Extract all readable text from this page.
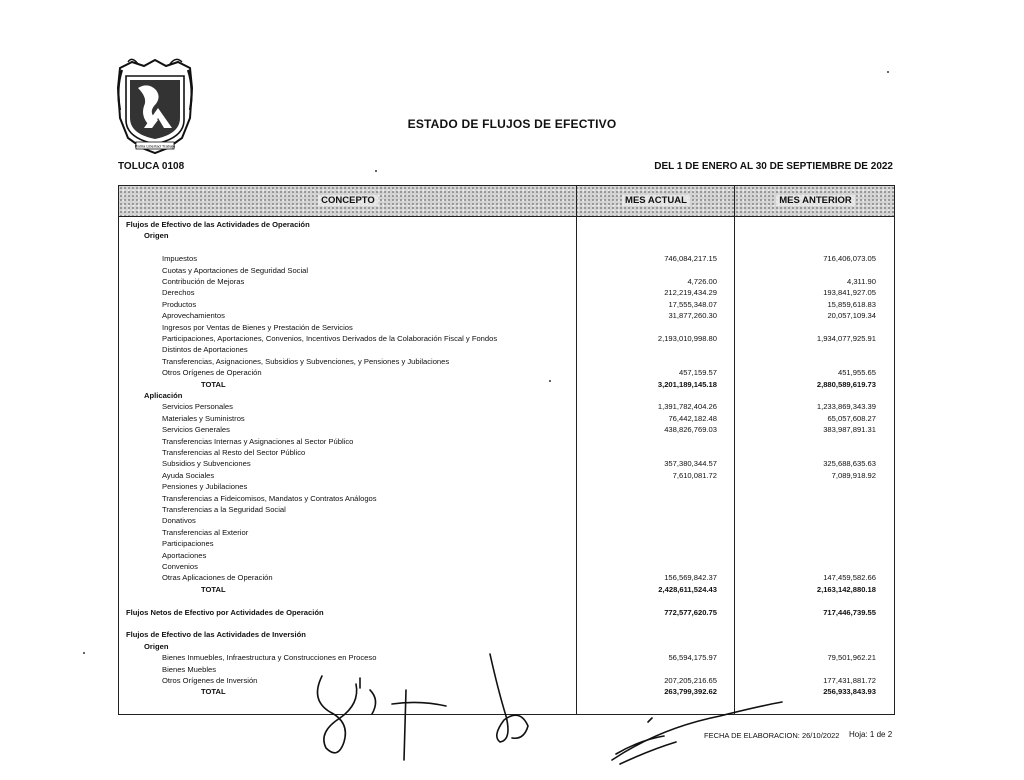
Patria Libertad Trabajo
ESTADO DE FLUJOS DE EFECTIVO
TOLUCA 0108	DEL 1 DE ENERO AL 30 DE SEPTIEMBRE DE 2022
CONCEPTO	MES ACTUAL	MES ANTERIOR
Flujos de Efectivo de las Actividades de Operación
Origen
Impuestos	746,084,217.15	716,406,073.05
Cuotas y Aportaciones de Seguridad Social
Contribución de Mejoras	4,726.00	4,311.90
Derechos	212,219,434.29	193,841,927.05
Productos	17,555,348.07	15,859,618.83
Aprovechamientos	31,877,260.30	20,057,109.34
Ingresos por Ventas de Bienes y Prestación de Servicios
Participaciones, Aportaciones, Convenios, Incentivos Derivados de la Colaboración Fiscal y Fondos	2,193,010,998.80	1,934,077,925.91
Distintos de Aportaciones
Transferencias, Asignaciones, Subsidios y Subvenciones, y Pensiones y Jubilaciones
Otros Orígenes de Operación	457,159.57	451,955.65
TOTAL	3,201,189,145.18	2,880,589,619.73
Aplicación
Servicios Personales	1,391,782,404.26	1,233,869,343.39
Materiales y Suministros	76,442,182.48	65,057,608.27
Servicios Generales	438,826,769.03	383,987,891.31
Transferencias Internas y Asignaciones al Sector Público
Transferencias al Resto del Sector Público
Subsidios y Subvenciones	357,380,344.57	325,688,635.63
Ayuda Sociales	7,610,081.72	7,089,918.92
Pensiones y Jubilaciones
Transferencias a Fideicomisos, Mandatos y Contratos Análogos
Transferencias a la Seguridad Social
Donativos
Transferencias al Exterior
Participaciones
Aportaciones
Convenios
Otras Aplicaciones de Operación	156,569,842.37	147,459,582.66
TOTAL	2,428,611,524.43	2,163,142,880.18
Flujos Netos de Efectivo por Actividades de Operación	772,577,620.75	717,446,739.55
Flujos de Efectivo de las Actividades de Inversión
Origen
Bienes Inmuebles, Infraestructura y Construcciones en Proceso	56,594,175.97	79,501,962.21
Bienes Muebles
Otros Orígenes de Inversión	207,205,216.65	177,431,881.72
TOTAL	263,799,392.62	256,933,843.93
FECHA DE ELABORACION: 26/10/2022 Hoja: 1 de 2
